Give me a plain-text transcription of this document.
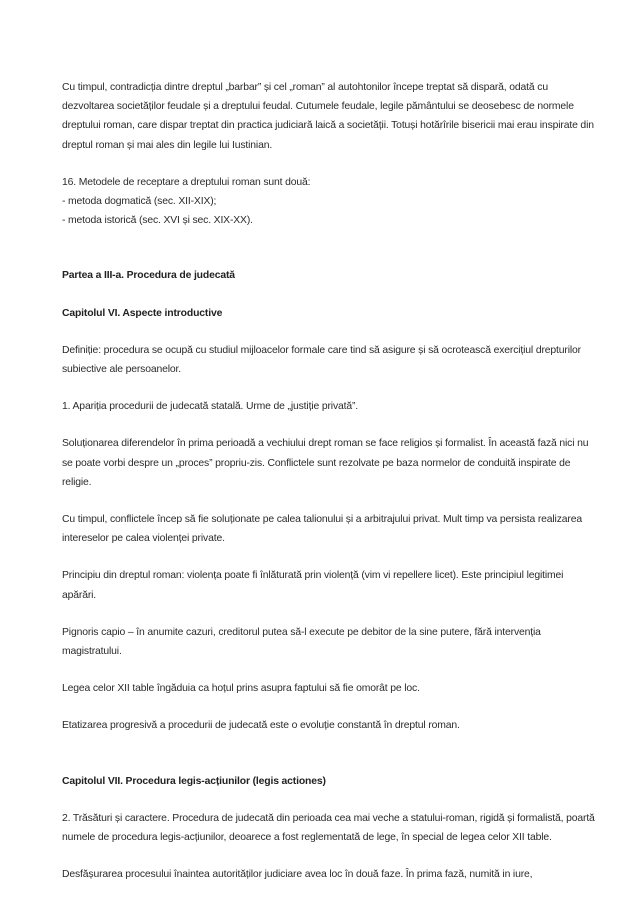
Cu timpul, contradicția dintre dreptul „barbar” și cel „roman” al autohtonilor începe treptat să dispară, odată cu dezvoltarea societăților feudale și a dreptului feudal. Cutumele feudale, legile pământului se deosebesc de normele dreptului roman, care dispar treptat din practica judiciară laică a societății. Totuși hotărîrile bisericii mai erau inspirate din dreptul roman și mai ales din legile lui Iustinian.

16. Metodele de receptare a dreptului roman sunt două:

- metoda dogmatică (sec. XII-XIX);

- metoda istorică (sec. XVI și sec. XIX-XX).

Partea a III-a. Procedura de judecată

Capitolul VI. Aspecte introductive

Definiție: procedura se ocupă cu studiul mijloacelor formale care tind să asigure și să ocrotească exercițiul drepturilor subiective ale persoanelor.

1. Apariția procedurii de judecată statală. Urme de „justiție privată”.

Soluționarea diferendelor în prima perioadă a vechiului drept roman se face religios și formalist. În această fază nici nu se poate vorbi despre un „proces” propriu-zis. Conflictele sunt rezolvate pe baza normelor de conduită inspirate de religie.

Cu timpul, conflictele încep să fie soluționate pe calea talionului și a arbitrajului privat. Mult timp va persista realizarea intereselor pe calea violenței private.

Principiu din dreptul roman: violența poate fi înlăturată prin violență (vim vi repellere licet). Este principiul legitimei apărări.

Pignoris capio – în anumite cazuri, creditorul putea să-l execute pe debitor de la sine putere, fără intervenția magistratului.

Legea celor XII table îngăduia ca hoțul prins asupra faptului să fie omorât pe loc.

Etatizarea progresivă a procedurii de judecată este o evoluție constantă în dreptul roman.

Capitolul VII. Procedura legis-acțiunilor (legis actiones)

2. Trăsături și caractere. Procedura de judecată din perioada cea mai veche a statului-roman, rigidă și formalistă, poartă numele de procedura legis-acțiunilor, deoarece a fost reglementată de lege, în special de legea celor XII table.

Desfășurarea procesului înaintea autorităților judiciare avea loc în două faze. În prima fază, numită in iure,
